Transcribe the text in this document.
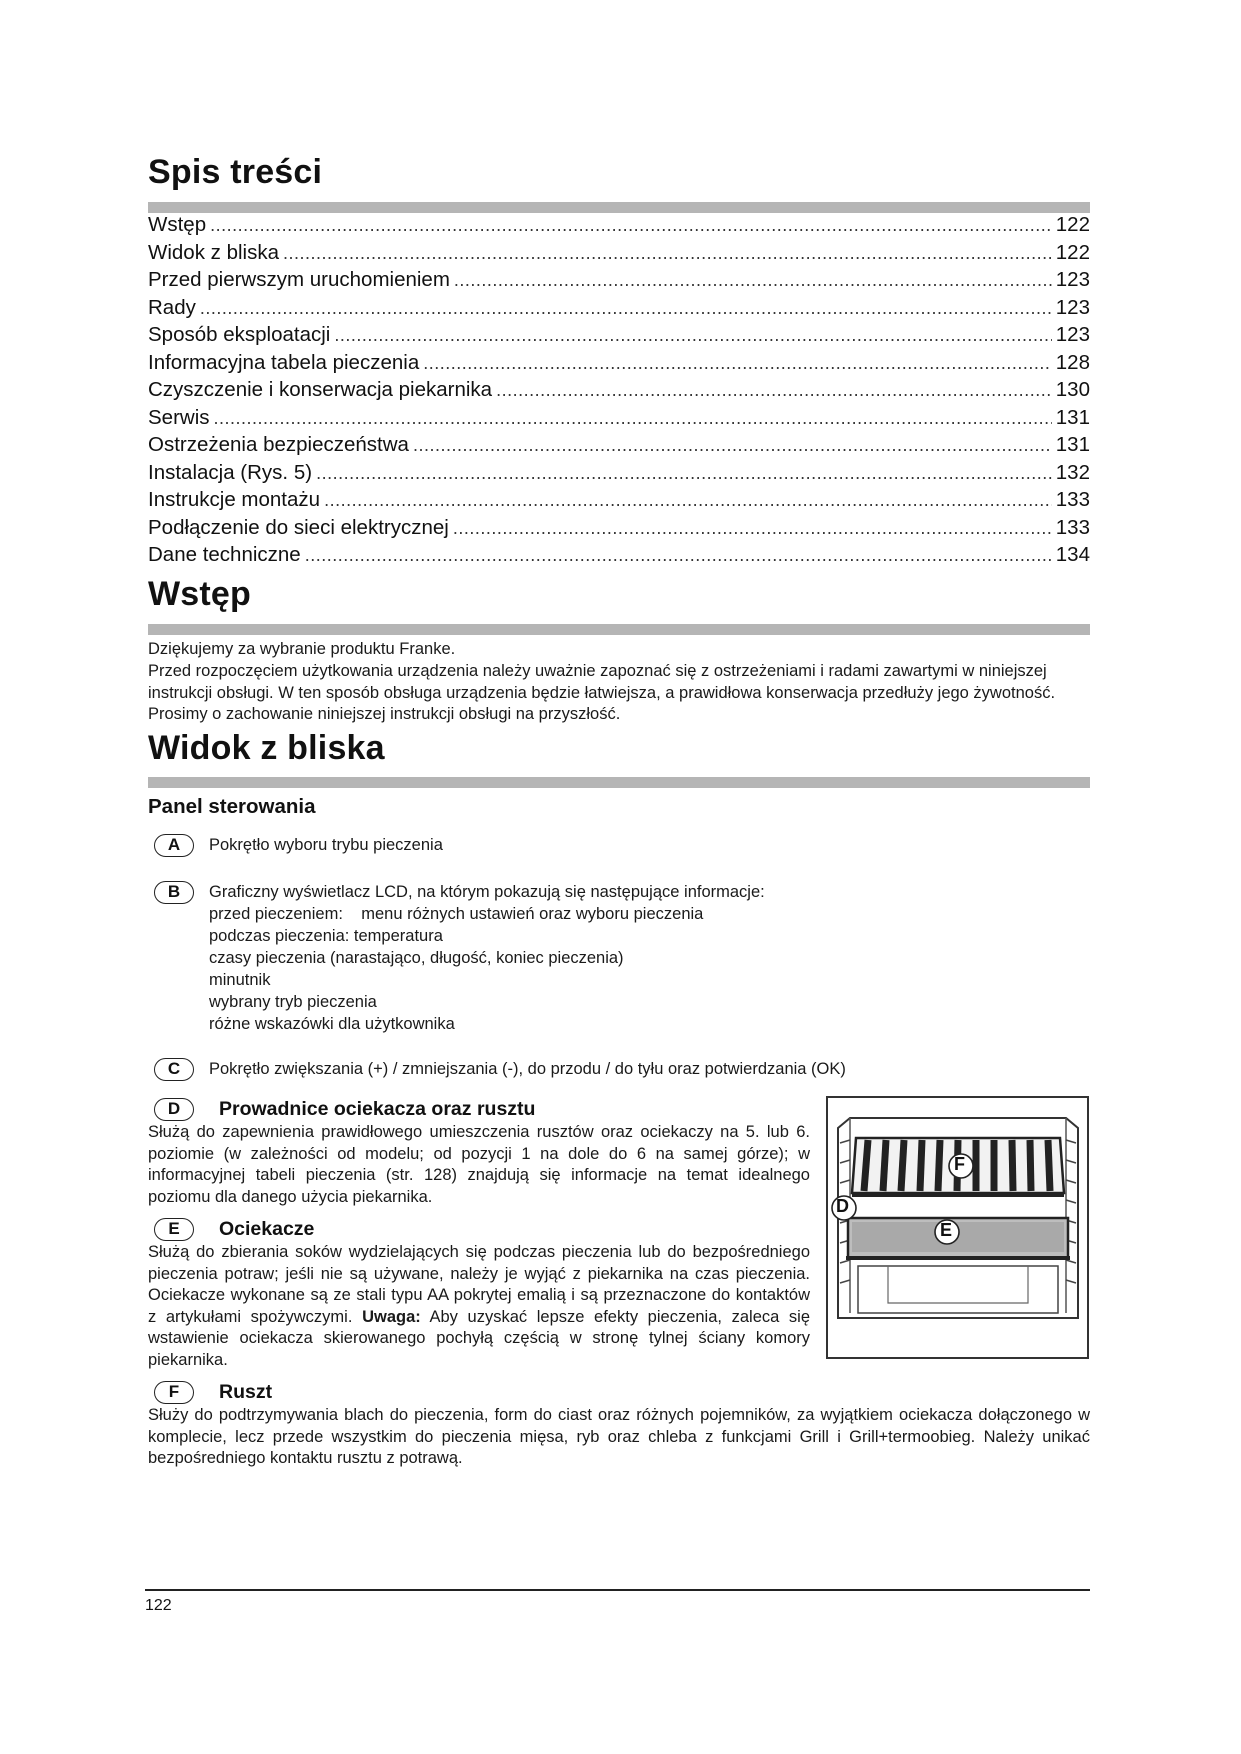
Spis treści
Wstęp .....	122
Widok z bliska .....	122
Przed pierwszym uruchomieniem .....	123
Rady .....	123
Sposób eksploatacji .....	123
Informacyjna tabela pieczenia .....	128
Czyszczenie i konserwacja piekarnika .....	130
Serwis .....	131
Ostrzeżenia bezpieczeństwa .....	131
Instalacja (Rys. 5) .....	132
Instrukcje montażu .....	133
Podłączenie do sieci elektrycznej .....	133
Dane techniczne .....	134
Wstęp

Dziękujemy za wybranie produktu Franke.

Przed rozpoczęciem użytkowania urządzenia należy uważnie zapoznać się z ostrzeżeniami i radami zawartymi w niniejszej instrukcji obsługi. W ten sposób obsługa urządzenia będzie łatwiejsza, a prawidłowa konserwacja przedłuży jego żywotność. Prosimy o zachowanie niniejszej instrukcji obsługi na przyszłość.

Widok z bliska
Panel sterowania
A	Pokrętło wyboru trybu pieczenia

B	Graficzny wyświetlacz LCD, na którym pokazują się następujące informacje:

przed pieczeniem:    menu różnych ustawień oraz wyboru pieczenia

podczas pieczenia: temperatura

czasy pieczenia (narastająco, długość, koniec pieczenia)

minutnik

wybrany tryb pieczenia

różne wskazówki dla użytkownika

C	Pokrętło zwiększania (+) / zmniejszania (-), do przodu / do tyłu oraz potwierdzania (OK)

D	Prowadnice ociekacza oraz rusztu

Służą do zapewnienia prawidłowego umieszczenia rusztów oraz ociekaczy na 5. lub 6. poziomie (w zależności od modelu; od pozycji 1 na dole do 6 na samej górze); w informacyjnej tabeli pieczenia (str. 128) znajdują się informacje na temat idealnego poziomu dla danego użycia piekarnika.

E	Ociekacze

Służą do zbierania soków wydzielających się podczas pieczenia lub do bezpośredniego pieczenia potraw; jeśli nie są używane, należy je wyjąć z piekarnika na czas pieczenia. Ociekacze wykonane są ze stali typu AA pokrytej emalią i są przeznaczone do kontaktów z artykułami spożywczymi. Uwaga: Aby uzyskać lepsze efekty pieczenia, zaleca się wstawienie ociekacza skierowanego pochyłą częścią w stronę tylnej ściany komory piekarnika.

F
E
D
F	Ruszt

Służy do podtrzymywania blach do pieczenia, form do ciast oraz różnych pojemników, za wyjątkiem ociekacza dołączonego w komplecie, lecz przede wszystkim do pieczenia mięsa, ryb oraz chleba z funkcjami Grill i Grill+termoobieg. Należy unikać bezpośredniego kontaktu rusztu z potrawą.

122
